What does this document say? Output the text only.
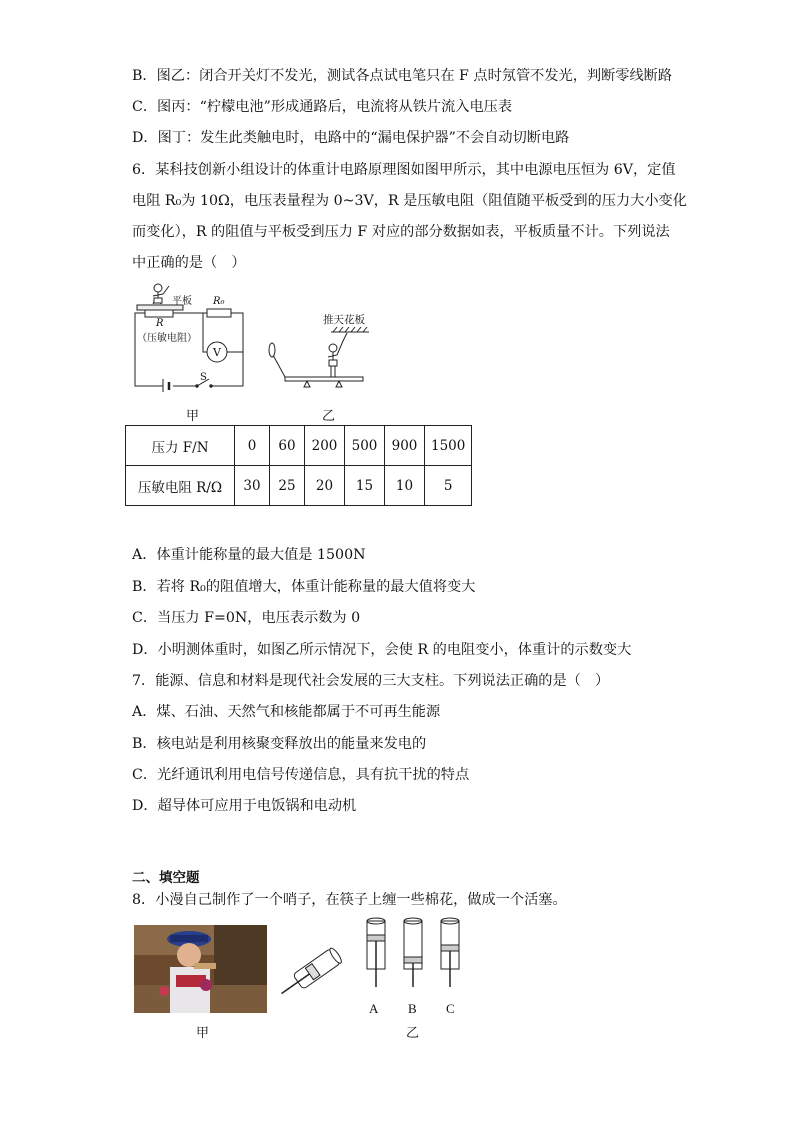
B．图乙：闭合开关灯不发光，测试各点试电笔只在 F 点时氖管不发光，判断零线断路
C．图丙：“柠檬电池”形成通路后，电流将从铁片流入电压表
D．图丁：发生此类触电时，电路中的“漏电保护器”不会自动切断电路
6．某科技创新小组设计的体重计电路原理图如图甲所示，其中电源电压恒为 6V，定值
电阻 R₀为 10Ω，电压表量程为 0~3V，R 是压敏电阻（阻值随平板受到的压力大小变化
而变化），R 的阻值与平板受到压力 F 对应的部分数据如表，平板质量不计。下列说法
中正确的是（　）
平板
R
（压敏电阻）
R₀
V
S
甲
推天花板
乙
压力 F/N	0	60	200	500	900	1500
压敏电阻 R/Ω	30	25	20	15	10	5
A．体重计能称量的最大值是 1500N
B．若将 R₀的阻值增大，体重计能称量的最大值将变大
C．当压力 F=0N，电压表示数为 0
D．小明测体重时，如图乙所示情况下，会使 R 的电阻变小，体重计的示数变大
7．能源、信息和材料是现代社会发展的三大支柱。下列说法正确的是（　）
A．煤、石油、天然气和核能都属于不可再生能源
B．核电站是利用核聚变释放出的能量来发电的
C．光纤通讯利用电信号传递信息，具有抗干扰的特点
D．超导体可应用于电饭锅和电动机
二、填空题
8．小漫自己制作了一个哨子，在筷子上缠一些棉花，做成一个活塞。
甲
A B C
乙
